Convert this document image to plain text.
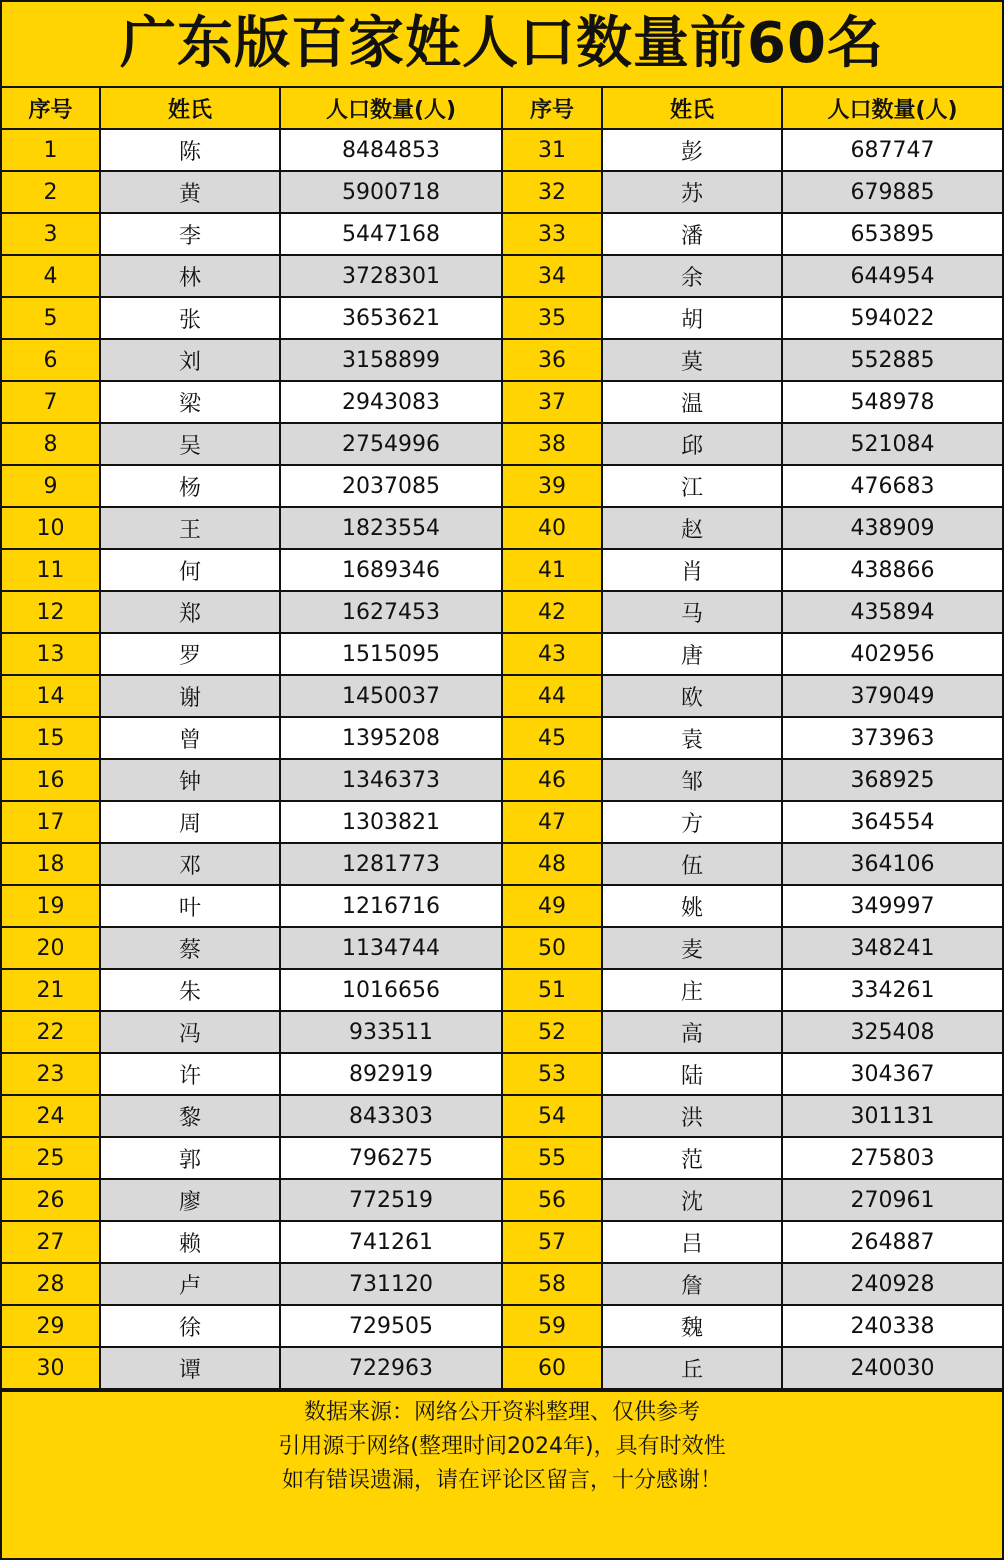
广东版百家姓人口数量前60名
序号	姓氏	人口数量(人)	序号	姓氏	人口数量(人)
1	陈	8484853	31	彭	687747
2	黄	5900718	32	苏	679885
3	李	5447168	33	潘	653895
4	林	3728301	34	余	644954
5	张	3653621	35	胡	594022
6	刘	3158899	36	莫	552885
7	梁	2943083	37	温	548978
8	吴	2754996	38	邱	521084
9	杨	2037085	39	江	476683
10	王	1823554	40	赵	438909
11	何	1689346	41	肖	438866
12	郑	1627453	42	马	435894
13	罗	1515095	43	唐	402956
14	谢	1450037	44	欧	379049
15	曾	1395208	45	袁	373963
16	钟	1346373	46	邹	368925
17	周	1303821	47	方	364554
18	邓	1281773	48	伍	364106
19	叶	1216716	49	姚	349997
20	蔡	1134744	50	麦	348241
21	朱	1016656	51	庄	334261
22	冯	933511	52	高	325408
23	许	892919	53	陆	304367
24	黎	843303	54	洪	301131
25	郭	796275	55	范	275803
26	廖	772519	56	沈	270961
27	赖	741261	57	吕	264887
28	卢	731120	58	詹	240928
29	徐	729505	59	魏	240338
30	谭	722963	60	丘	240030
数据来源：网络公开资料整理、仅供参考
引用源于网络(整理时间2024年)，具有时效性
如有错误遗漏，请在评论区留言，十分感谢！
